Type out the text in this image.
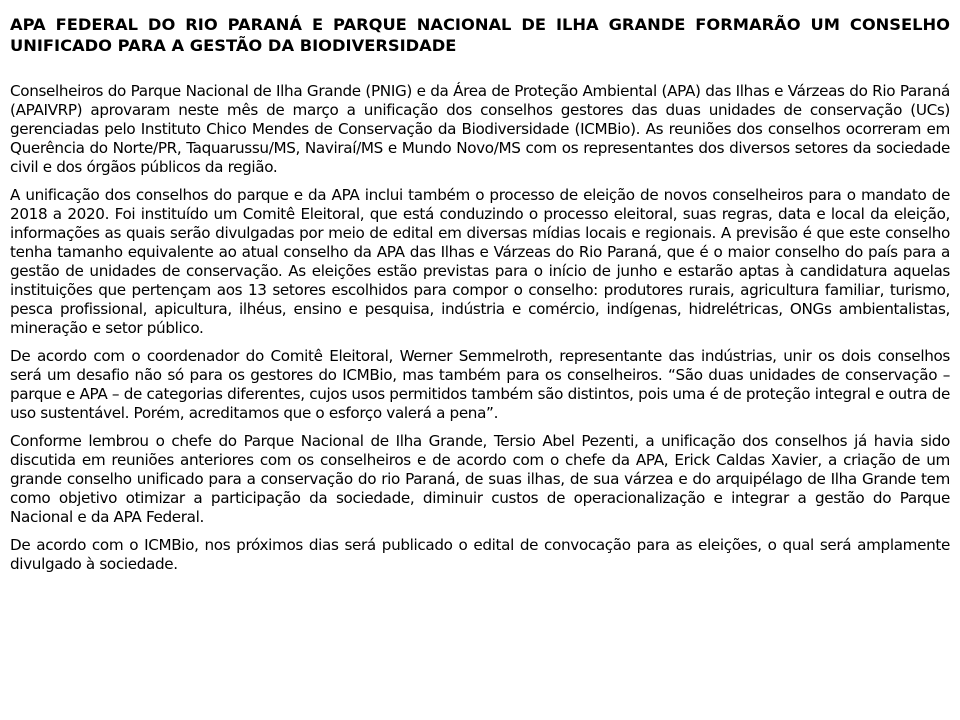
APA FEDERAL DO RIO PARANÁ E PARQUE NACIONAL DE ILHA GRANDE FORMARÃO UM CONSELHO UNIFICADO PARA A GESTÃO DA BIODIVERSIDADE

Conselheiros do Parque Nacional de Ilha Grande (PNIG) e da Área de Proteção Ambiental (APA) das Ilhas e Várzeas do Rio Paraná (APAIVRP) aprovaram neste mês de março a unificação dos conselhos gestores das duas unidades de conservação (UCs) gerenciadas pelo Instituto Chico Mendes de Conservação da Biodiversidade (ICMBio). As reuniões dos conselhos ocorreram em Querência do Norte/PR, Taquarussu/MS, Naviraí/MS e Mundo Novo/MS com os representantes dos diversos setores da sociedade civil e dos órgãos públicos da região.

A unificação dos conselhos do parque e da APA inclui também o processo de eleição de novos conselheiros para o mandato de 2018 a 2020. Foi instituído um Comitê Eleitoral, que está conduzindo o processo eleitoral, suas regras, data e local da eleição, informações as quais serão divulgadas por meio de edital em diversas mídias locais e regionais. A previsão é que este conselho tenha tamanho equivalente ao atual conselho da APA das Ilhas e Várzeas do Rio Paraná, que é o maior conselho do país para a gestão de unidades de conservação. As eleições estão previstas para o início de junho e estarão aptas à candidatura aquelas instituições que pertençam aos 13 setores escolhidos para compor o conselho: produtores rurais, agricultura familiar, turismo, pesca profissional, apicultura, ilhéus, ensino e pesquisa, indústria e comércio, indígenas, hidrelétricas, ONGs ambientalistas, mineração e setor público.

De acordo com o coordenador do Comitê Eleitoral, Werner Semmelroth, representante das indústrias, unir os dois conselhos será um desafio não só para os gestores do ICMBio, mas também para os conselheiros. “São duas unidades de conservação – parque e APA – de categorias diferentes, cujos usos permitidos também são distintos, pois uma é de proteção integral e outra de uso sustentável. Porém, acreditamos que o esforço valerá a pena”.

Conforme lembrou o chefe do Parque Nacional de Ilha Grande, Tersio Abel Pezenti, a unificação dos conselhos já havia sido discutida em reuniões anteriores com os conselheiros e de acordo com o chefe da APA, Erick Caldas Xavier, a criação de um grande conselho unificado para a conservação do rio Paraná, de suas ilhas, de sua várzea e do arquipélago de Ilha Grande tem como objetivo otimizar a participação da sociedade, diminuir custos de operacionalização e integrar a gestão do Parque Nacional e da APA Federal.

De acordo com o ICMBio, nos próximos dias será publicado o edital de convocação para as eleições, o qual será amplamente divulgado à sociedade.
